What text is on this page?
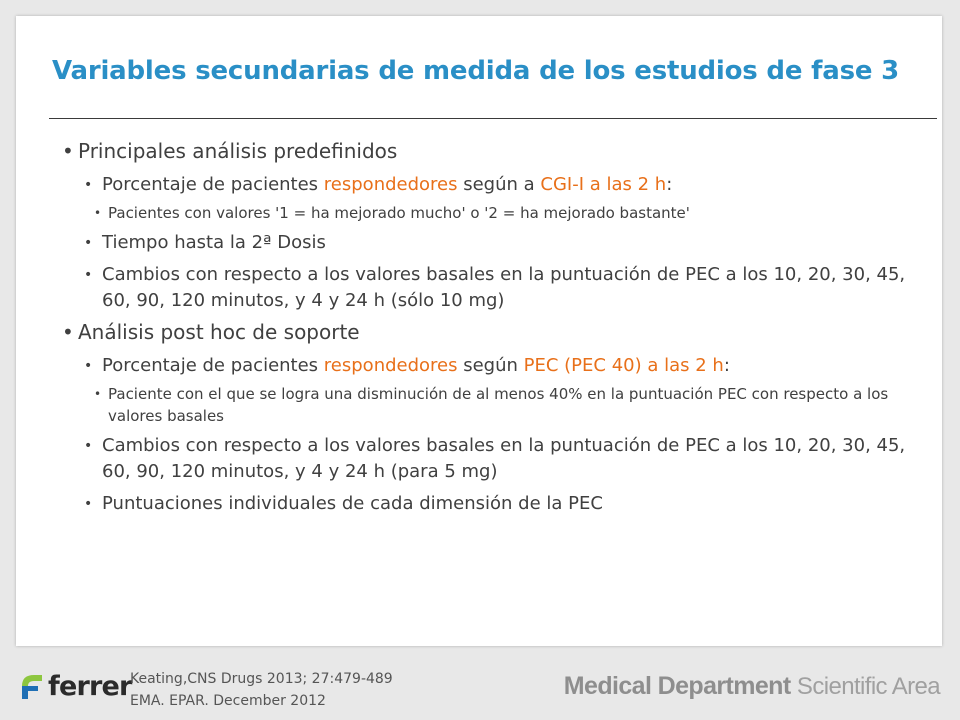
Variables secundarias de medida de los estudios de fase 3

• Principales análisis predefinidos

• Porcentaje de pacientes respondedores según a CGI-I a las 2 h:

• Pacientes con valores '1 = ha mejorado mucho' o '2 = ha mejorado bastante'

• Tiempo hasta la 2ª Dosis

• Cambios con respecto a los valores basales en la puntuación de PEC a los 10, 20, 30, 45, 60, 90, 120 minutos, y 4 y 24 h (sólo 10 mg)

• Análisis post hoc de soporte

• Porcentaje de pacientes respondedores según PEC (PEC 40) a las 2 h:

• Paciente con el que se logra una disminución de al menos 40% en la puntuación PEC con respecto a los valores basales

• Cambios con respecto a los valores basales en la puntuación de PEC a los 10, 20, 30, 45, 60, 90, 120 minutos, y 4 y 24 h (para 5 mg)

• Puntuaciones individuales de cada dimensión de la PEC

ferrer
Keating,CNS Drugs 2013; 27:479-489
EMA. EPAR. December 2012
Medical Department Scientific Area
